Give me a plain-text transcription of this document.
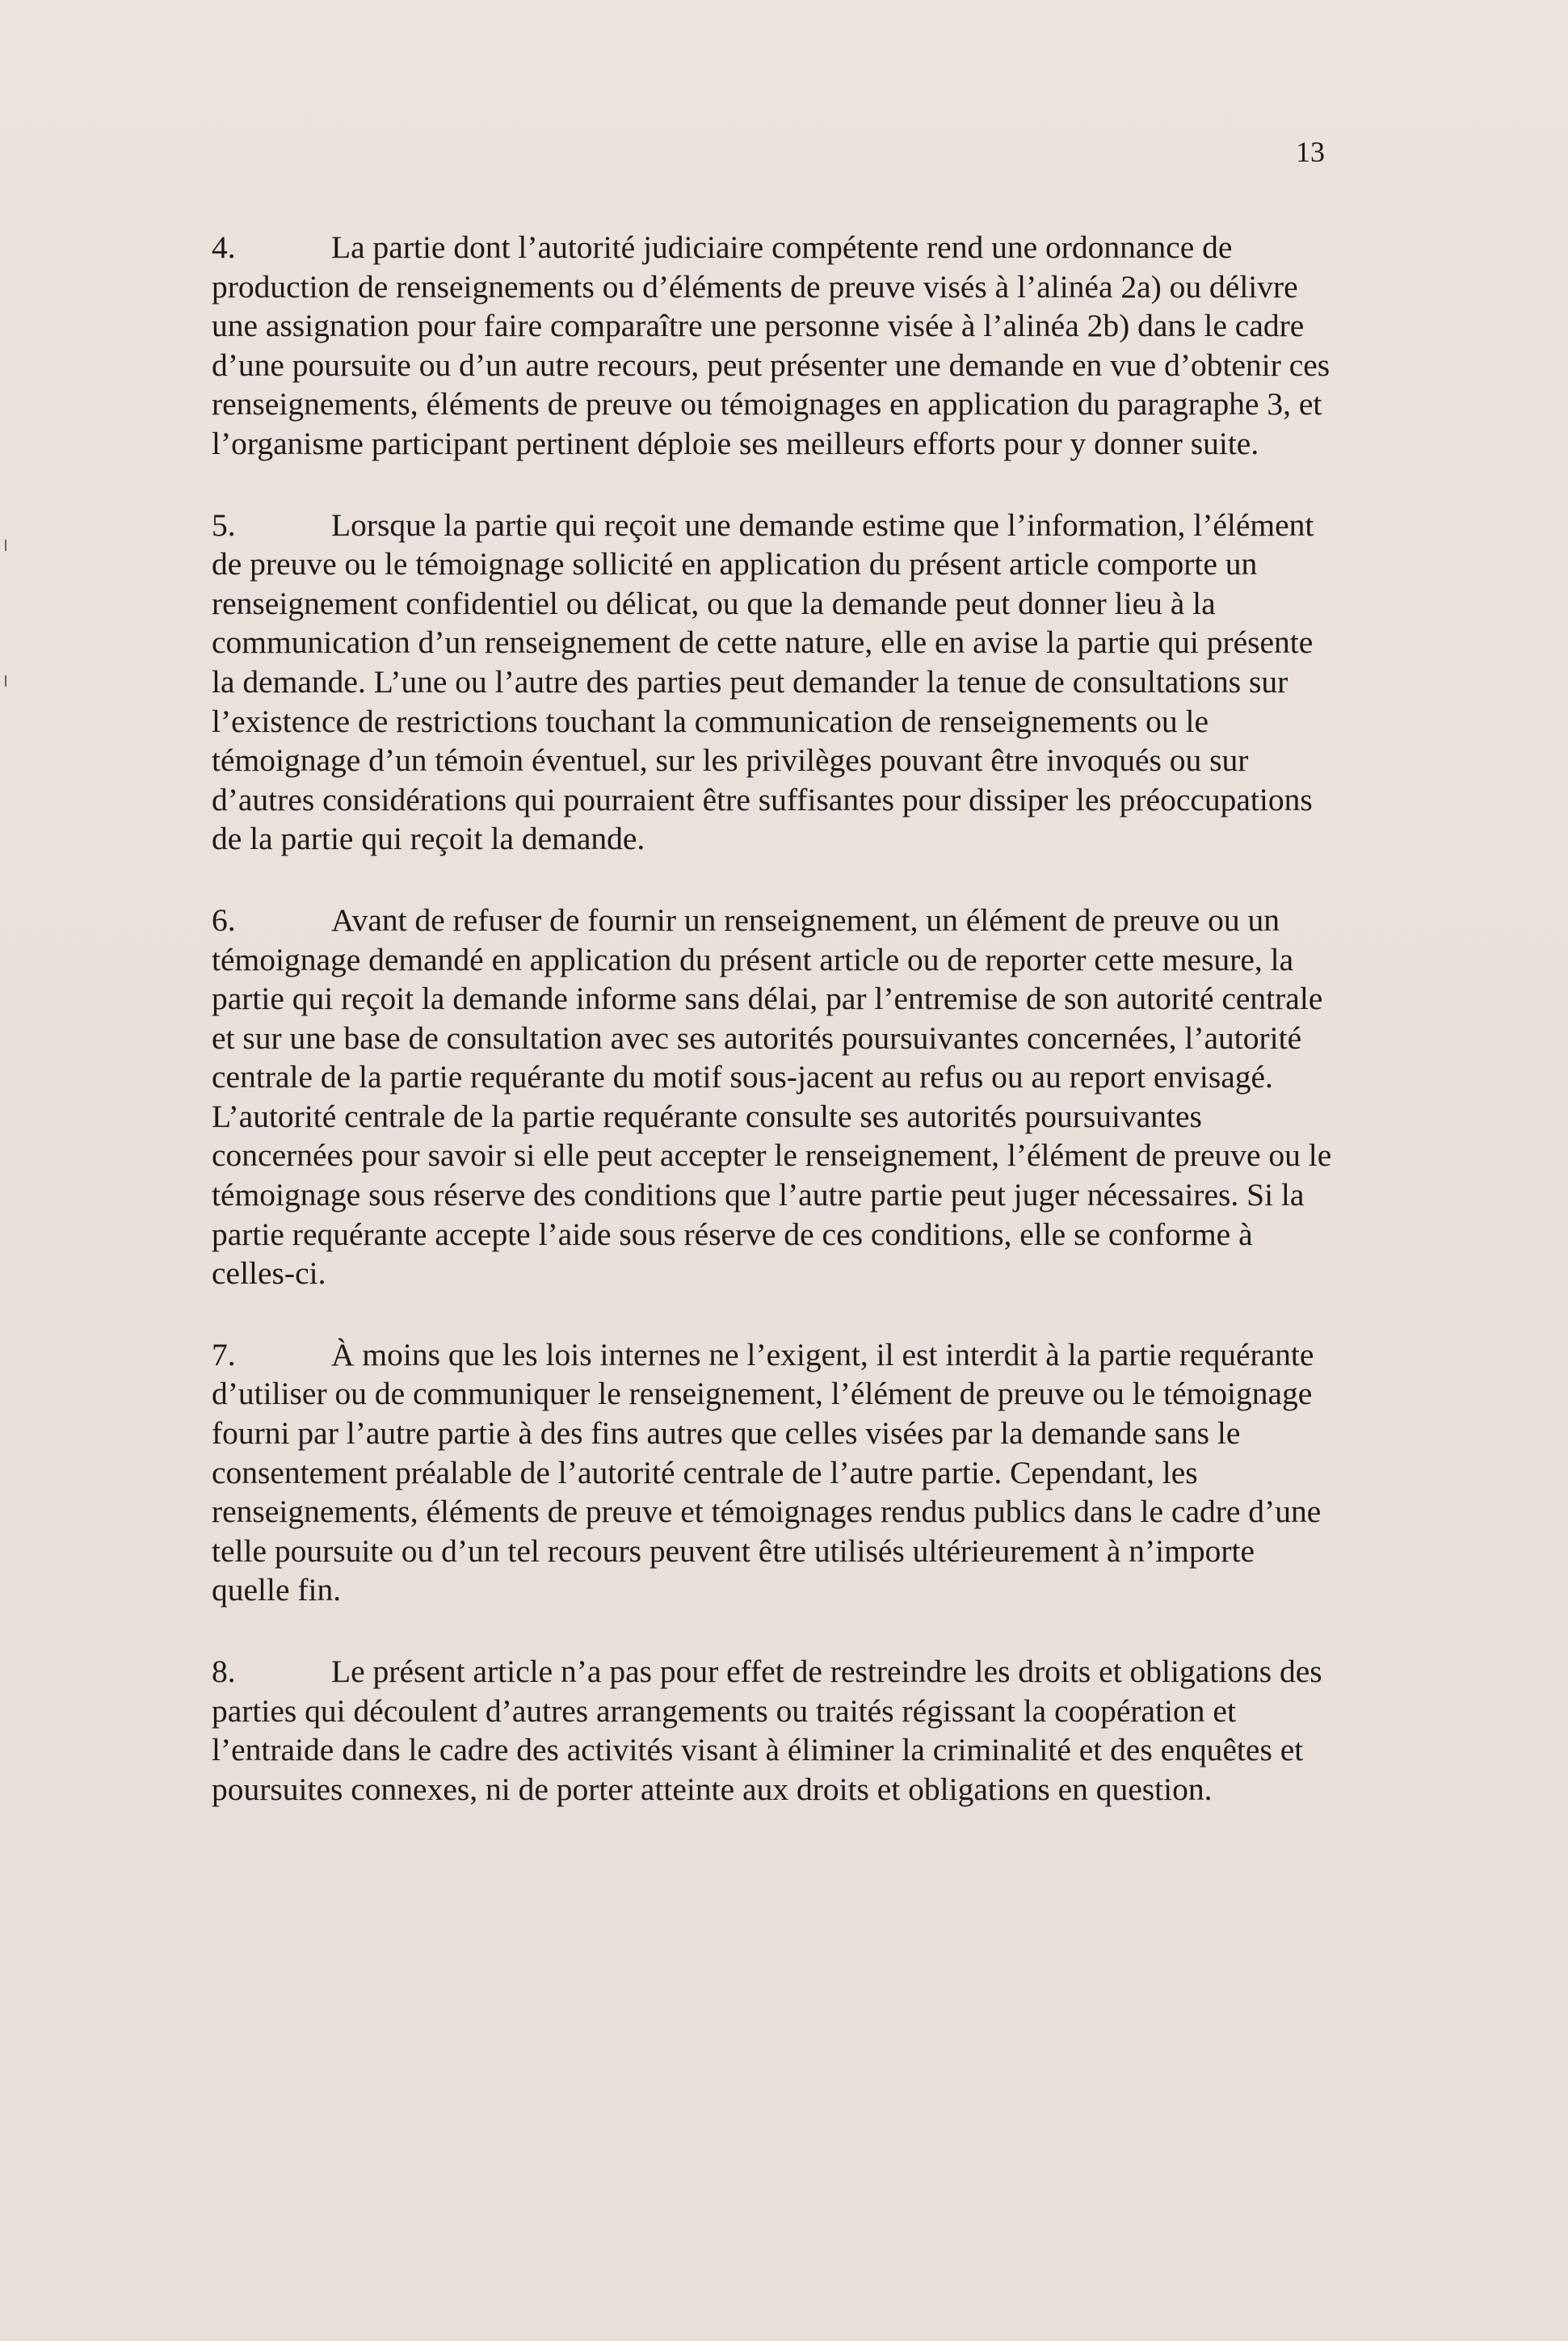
13

4.	La partie dont l’autorité judiciaire compétente rend une ordonnance de production de renseignements ou d’éléments de preuve visés à l’alinéa 2a) ou délivre une assignation pour faire comparaître une personne visée à l’alinéa 2b) dans le cadre d’une poursuite ou d’un autre recours, peut présenter une demande en vue d’obtenir ces renseignements, éléments de preuve ou témoignages en application du paragraphe 3, et l’organisme participant pertinent déploie ses meilleurs efforts pour y donner suite.

5.	Lorsque la partie qui reçoit une demande estime que l’information, l’élément de preuve ou le témoignage sollicité en application du présent article comporte un renseignement confidentiel ou délicat, ou que la demande peut donner lieu à la communication d’un renseignement de cette nature, elle en avise la partie qui présente la demande. L’une ou l’autre des parties peut demander la tenue de consultations sur l’existence de restrictions touchant la communication de renseignements ou le témoignage d’un témoin éventuel, sur les privilèges pouvant être invoqués ou sur d’autres considérations qui pourraient être suffisantes pour dissiper les préoccupations de la partie qui reçoit la demande.

6.	Avant de refuser de fournir un renseignement, un élément de preuve ou un témoignage demandé en application du présent article ou de reporter cette mesure, la partie qui reçoit la demande informe sans délai, par l’entremise de son autorité centrale et sur une base de consultation avec ses autorités poursuivantes concernées, l’autorité centrale de la partie requérante du motif sous-jacent au refus ou au report envisagé. L’autorité centrale de la partie requérante consulte ses autorités poursuivantes concernées pour savoir si elle peut accepter le renseignement, l’élément de preuve ou le témoignage sous réserve des conditions que l’autre partie peut juger nécessaires. Si la partie requérante accepte l’aide sous réserve de ces conditions, elle se conforme à celles-ci.

7.	À moins que les lois internes ne l’exigent, il est interdit à la partie requérante d’utiliser ou de communiquer le renseignement, l’élément de preuve ou le témoignage fourni par l’autre partie à des fins autres que celles visées par la demande sans le consentement préalable de l’autorité centrale de l’autre partie. Cependant, les renseignements, éléments de preuve et témoignages rendus publics dans le cadre d’une telle poursuite ou d’un tel recours peuvent être utilisés ultérieurement à n’importe quelle fin.

8.	Le présent article n’a pas pour effet de restreindre les droits et obligations des parties qui découlent d’autres arrangements ou traités régissant la coopération et l’entraide dans le cadre des activités visant à éliminer la criminalité et des enquêtes et poursuites connexes, ni de porter atteinte aux droits et obligations en question.
